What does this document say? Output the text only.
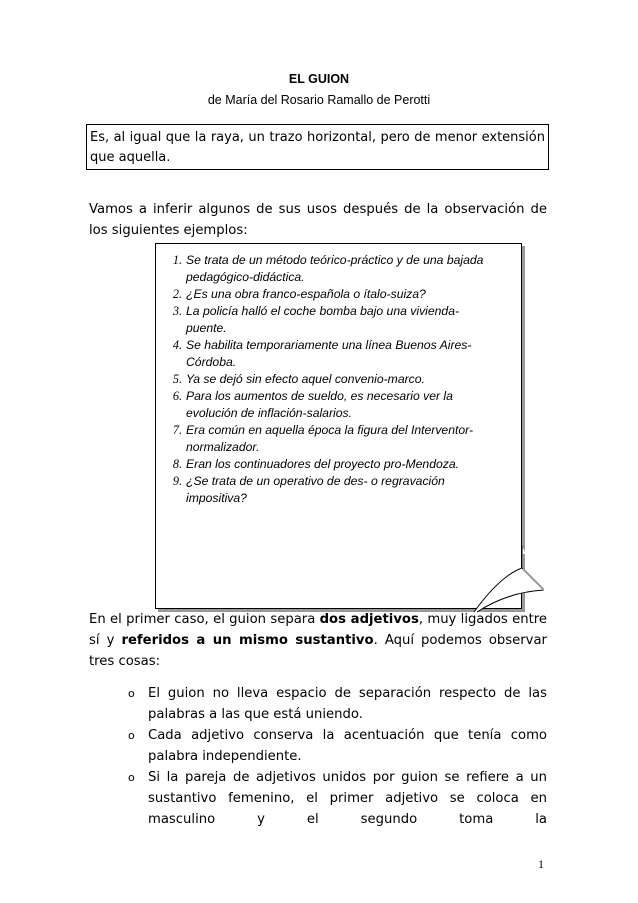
EL GUION
de María del Rosario Ramallo de Perotti
Es, al igual que la raya, un trazo horizontal, pero de menor extensión que aquella.
Vamos a inferir algunos de sus usos después de la observación de los siguientes ejemplos:
1. Se trata de un método teórico-práctico y de una bajada pedagógico-didáctica.
2. ¿Es una obra franco-española o ítalo-suiza?
3. La policía halló el coche bomba bajo una vivienda-puente.
4. Se habilita temporariamente una línea Buenos Aires-Córdoba.
5. Ya se dejó sin efecto aquel convenio-marco.
6. Para los aumentos de sueldo, es necesario ver la evolución de inflación-salarios.
7. Era común en aquella época la figura del Interventor-normalizador.
8. Eran los continuadores del proyecto pro-Mendoza.
9. ¿Se trata de un operativo de des- o regravación impositiva?
En el primer caso, el guion separa dos adjetivos, muy ligados entre sí y referidos a un mismo sustantivo. Aquí podemos observar tres cosas:
o El guion no lleva espacio de separación respecto de las palabras a las que está uniendo.
o Cada adjetivo conserva la acentuación que tenía como palabra independiente.
o Si la pareja de adjetivos unidos por guion se refiere a un sustantivo femenino, el primer adjetivo se coloca en masculino y el segundo toma la
1
